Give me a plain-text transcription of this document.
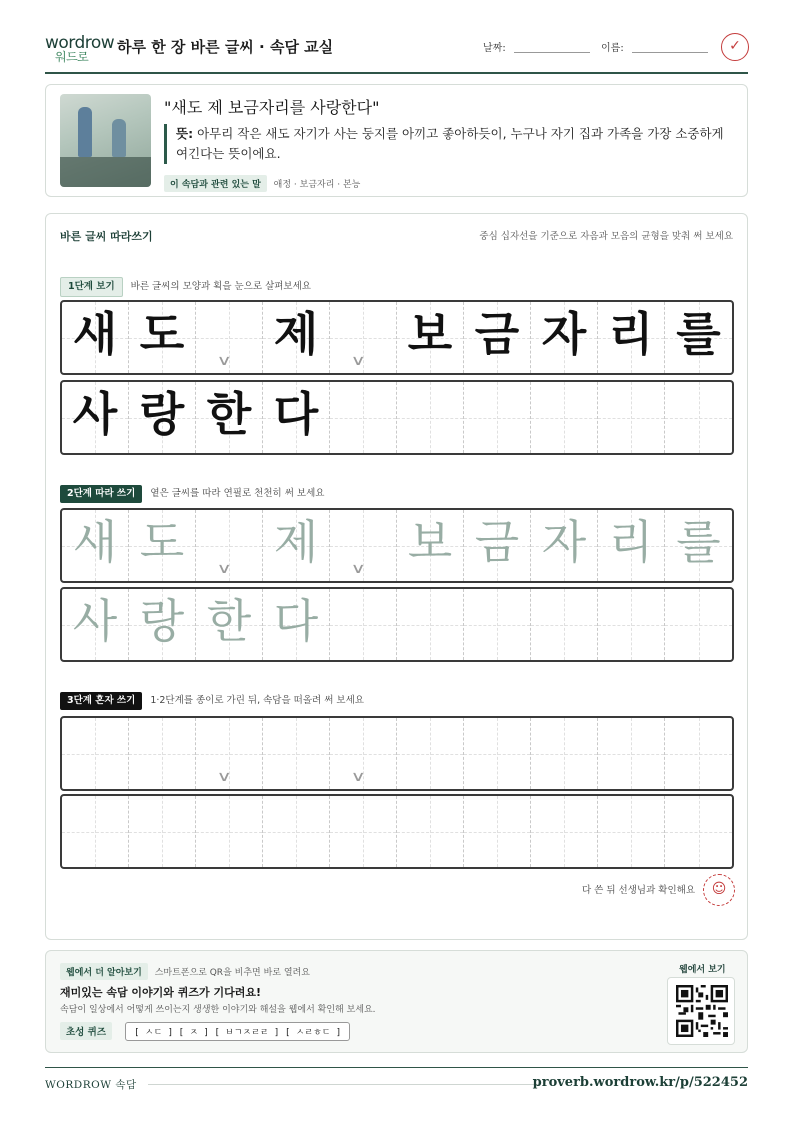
wordrow
워드로
하루 한 장 바른 글씨 · 속담 교실	날짜:	이름:	✓
"새도 제 보금자리를 사랑한다"
뜻: 아무리 작은 새도 자기가 사는 둥지를 아끼고 좋아하듯이, 누구나 자기 집과 가족을 가장 소중하게 여긴다는 뜻이에요.
이 속담과 관련 있는 말 애정 · 보금자리 · 본능
바른 글씨 따라쓰기	중심 십자선을 기준으로 자음과 모음의 균형을 맞춰 써 보세요
1단계 보기 바른 글씨의 모양과 획을 눈으로 살펴보세요
새 도	∨ 제	∨ 보 금 자 리 를
사 랑 한 다
2단계 따라 쓰기 옅은 글씨를 따라 연필로 천천히 써 보세요
새 도	∨ 제	∨ 보 금 자 리 를
사 랑 한 다
3단계 혼자 쓰기 1·2단계를 종이로 가린 뒤, 속담을 떠올려 써 보세요
∨	∨
다 쓴 뒤 선생님과 확인해요	☺
웹에서 더 알아보기 스마트폰으로 QR을 비추면 바로 열려요
재미있는 속담 이야기와 퀴즈가 기다려요!
속담이 일상에서 어떻게 쓰이는지 생생한 이야기와 해설을 웹에서 확인해 보세요.
초성 퀴즈	[ ㅅㄷ ] [ ㅈ ] [ ㅂㄱㅈㄹㄹ ] [ ㅅㄹㅎㄷ ]
웹에서 보기
WORDROW 속담	proverb.wordrow.kr/p/522452
